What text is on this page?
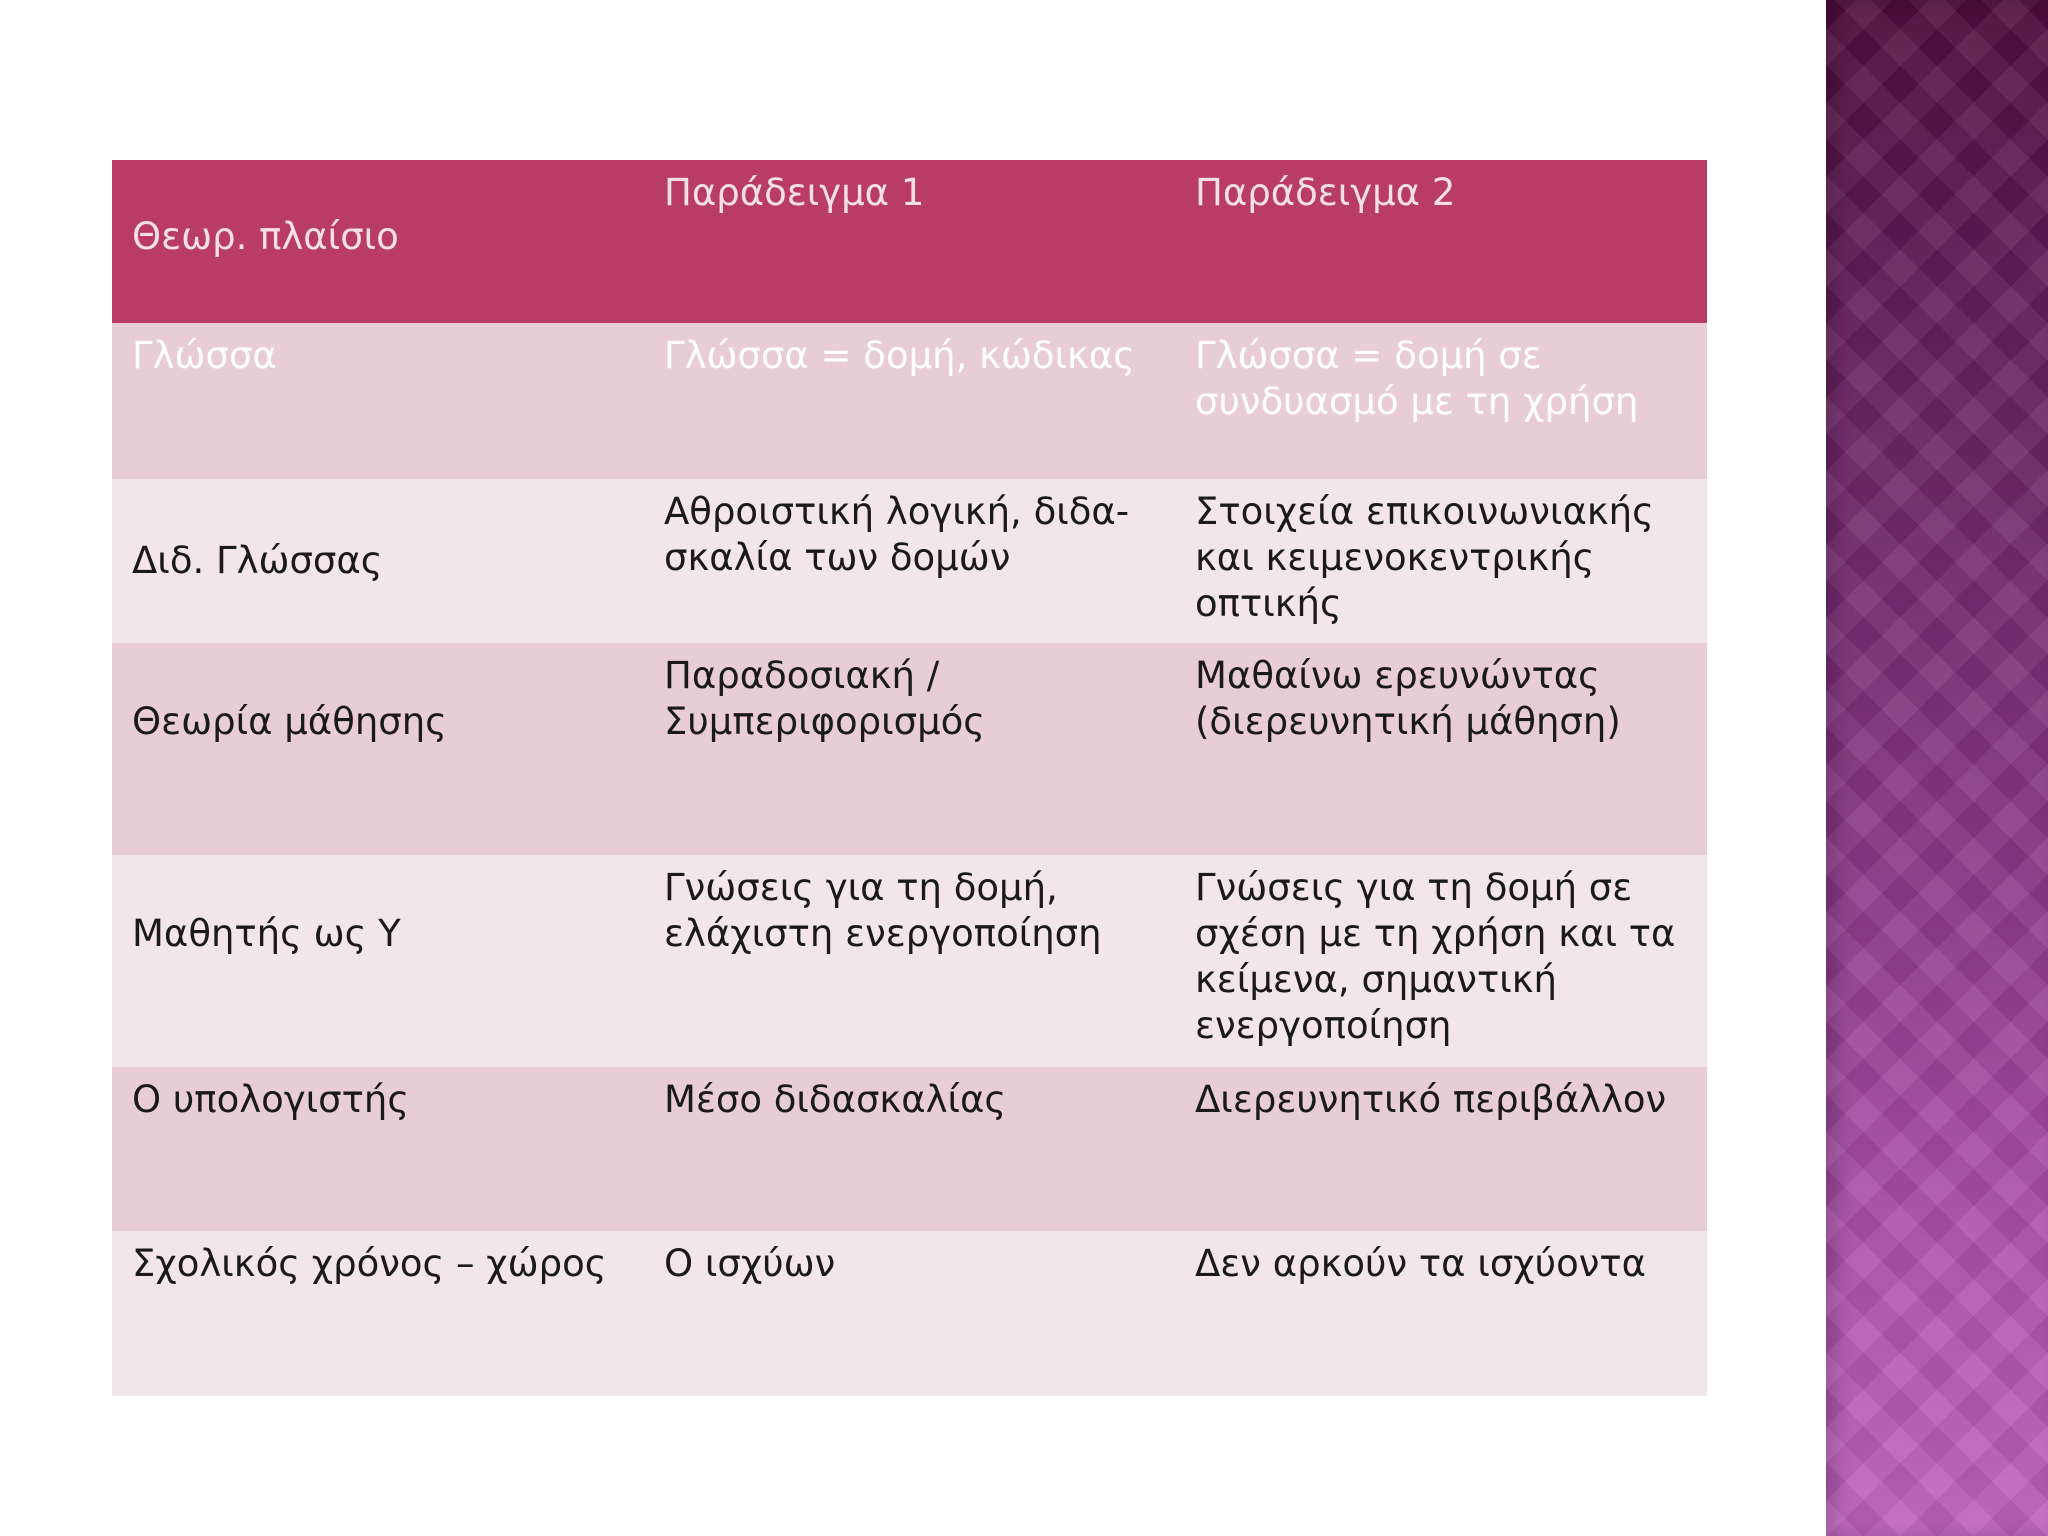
Θεωρ. πλαίσιο	Παράδειγμα 1	Παράδειγμα 2
Γλώσσα	Γλώσσα = δομή, κώδικας	Γλώσσα = δομή σε συνδυασμό με τη χρήση
Διδ. Γλώσσας	Αθροιστική λογική, διδα-σκαλία των δομών	Στοιχεία επικοινωνιακής και κειμενοκεντρικής οπτικής
Θεωρία μάθησης	Παραδοσιακή / Συμπεριφορισμός	Μαθαίνω ερευνώντας (διερευνητική μάθηση)
Μαθητής ως Υ	Γνώσεις για τη δομή, ελάχιστη ενεργοποίηση	Γνώσεις για τη δομή σε σχέση με τη χρήση και τα κείμενα, σημαντική ενεργοποίηση
Ο υπολογιστής	Μέσο διδασκαλίας	Διερευνητικό περιβάλλον
Σχολικός χρόνος – χώρος	Ο ισχύων	Δεν αρκούν τα ισχύοντα
